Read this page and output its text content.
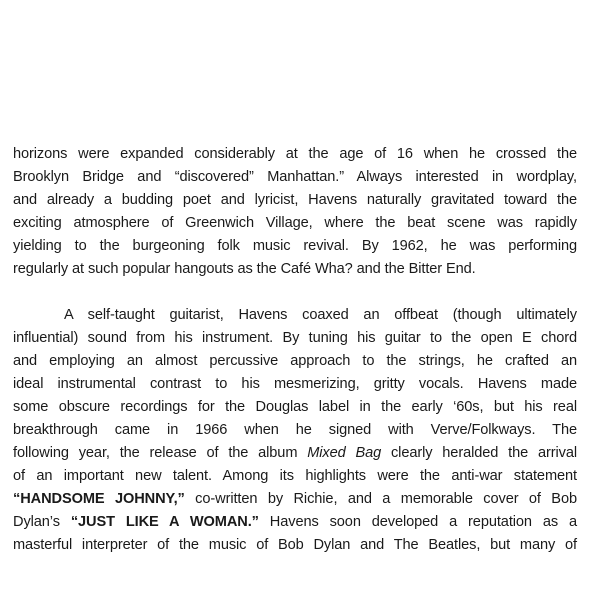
horizons were expanded considerably at the age of 16 when he crossed the
Brooklyn Bridge and “discovered” Manhattan.” Always interested in wordplay,
and already a budding poet and lyricist, Havens naturally gravitated toward the
exciting atmosphere of Greenwich Village, where the beat scene was rapidly
yielding to the burgeoning folk music revival. By 1962, he was performing
regularly at such popular hangouts as the Café Wha? and the Bitter End.
A self-taught guitarist, Havens coaxed an offbeat (though ultimately
influential) sound from his instrument. By tuning his guitar to the open E chord
and employing an almost percussive approach to the strings, he crafted an
ideal instrumental contrast to his mesmerizing, gritty vocals. Havens made
some obscure recordings for the Douglas label in the early ‘60s, but his real
breakthrough came in 1966 when he signed with Verve/Folkways. The
following year, the release of the album Mixed Bag clearly heralded the arrival
of an important new talent. Among its highlights were the anti-war statement
“HANDSOME JOHNNY,” co-written by Richie, and a memorable cover of Bob
Dylan’s “JUST LIKE A WOMAN.” Havens soon developed a reputation as a
masterful interpreter of the music of Bob Dylan and The Beatles, but many of
